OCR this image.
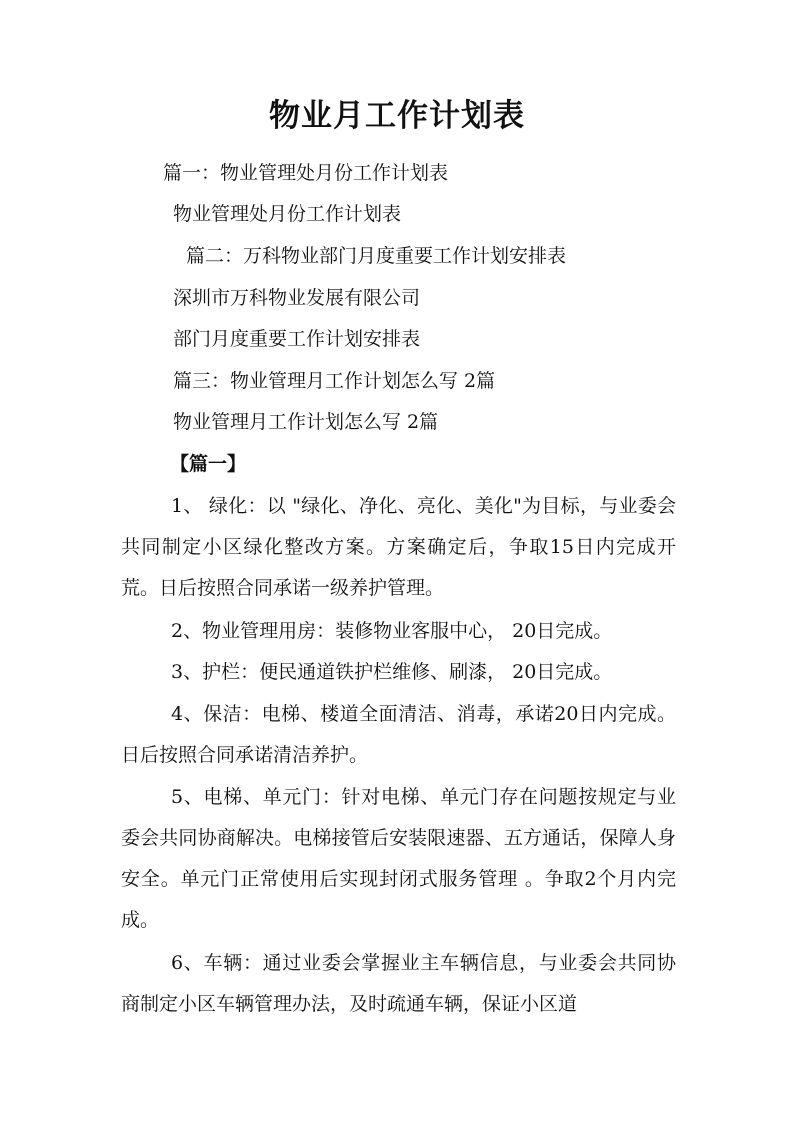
物业月工作计划表
篇一：物业管理处月份工作计划表
物业管理处月份工作计划表
篇二：万科物业部门月度重要工作计划安排表
深圳市万科物业发展有限公司
部门月度重要工作计划安排表
篇三：物业管理月工作计划怎么写 2篇
物业管理月工作计划怎么写 2篇
【篇一】
1、 绿化：以 "绿化、净化、亮化、美化"为目标，与业委会共同制定小区绿化整改方案。方案确定后，争取15日内完成开荒。日后按照合同承诺一级养护管理。
2、物业管理用房：装修物业客服中心， 20日完成。
3、护栏：便民通道铁护栏维修、刷漆， 20日完成。
4、保洁：电梯、楼道全面清洁、消毒，承诺20日内完成。日后按照合同承诺清洁养护。
5、电梯、单元门：针对电梯、单元门存在问题按规定与业委会共同协商解决。电梯接管后安装限速器、五方通话，保障人身安全。单元门正常使用后实现封闭式服务管理 。争取2个月内完成。
6、车辆：通过业委会掌握业主车辆信息，与业委会共同协商制定小区车辆管理办法，及时疏通车辆，保证小区道
